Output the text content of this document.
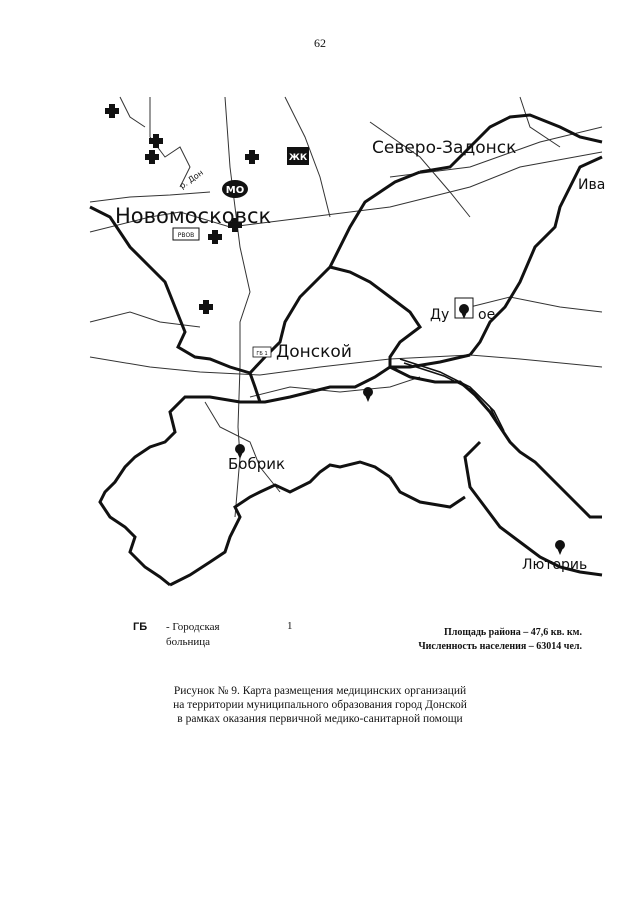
62
МО
ЖК
РВОВ
ГБ 1
Новомосковск
Северо-Задонск
Донской
Ива
Ду ое
Бобрик
Люториь
р. Дон
ГБ - Городская
больница
1
Площадь района – 47,6 кв. км.
Численность населения – 63014 чел.
Рисунок № 9. Карта размещения медицинских организаций
на территории муниципального образования город Донской
в рамках оказания первичной медико-санитарной помощи
